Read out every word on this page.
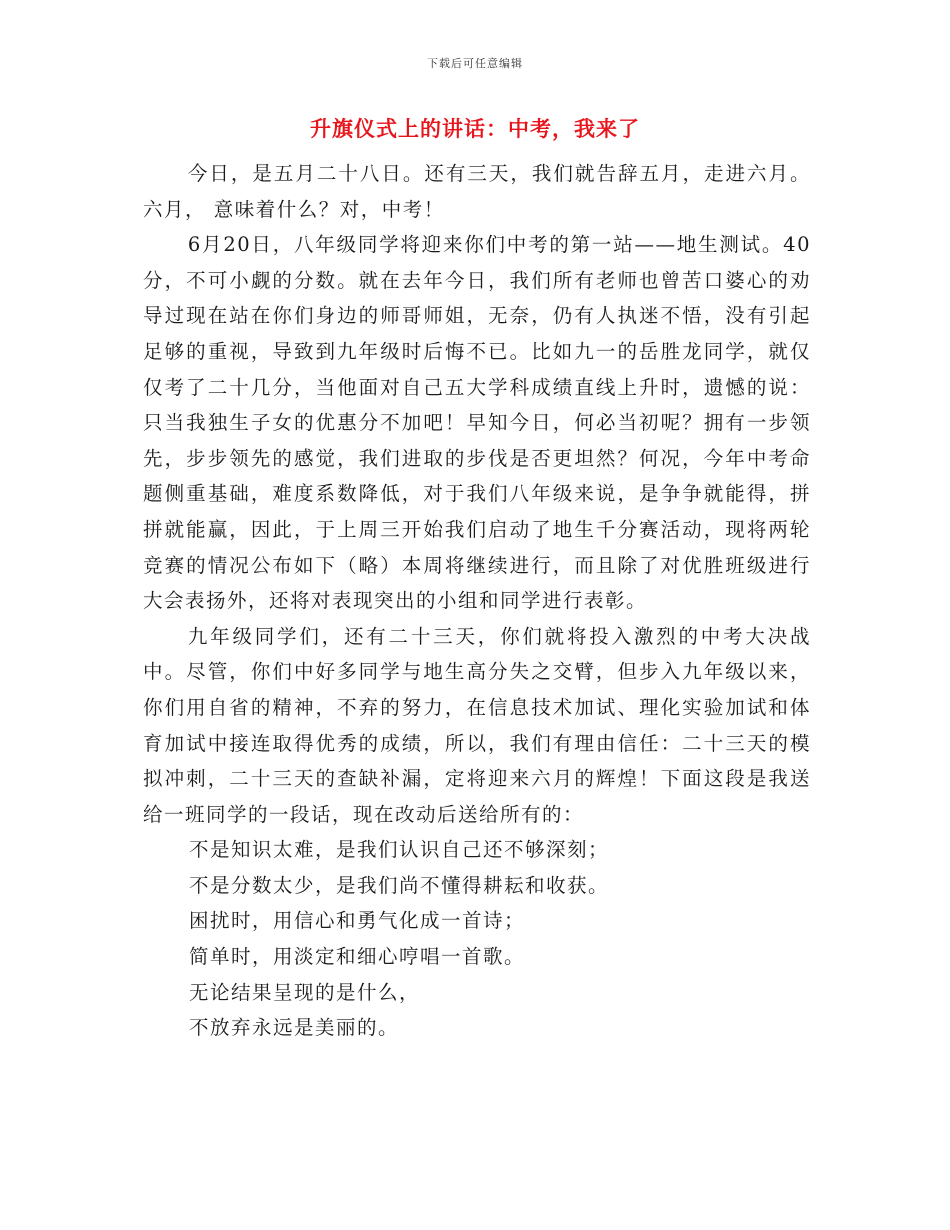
下载后可任意编辑
升旗仪式上的讲话：中考，我来了

今日，是五月二十八日。还有三天，我们就告辞五月，走进六月。六月， 意味着什么？对，中考！

6月20日，八年级同学将迎来你们中考的第一站——地生测试。40分，不可小觑的分数。就在去年今日，我们所有老师也曾苦口婆心的劝导过现在站在你们身边的师哥师姐，无奈，仍有人执迷不悟，没有引起足够的重视，导致到九年级时后悔不已。比如九一的岳胜龙同学，就仅仅考了二十几分，当他面对自己五大学科成绩直线上升时，遗憾的说：只当我独生子女的优惠分不加吧！早知今日，何必当初呢？拥有一步领先，步步领先的感觉，我们进取的步伐是否更坦然？何况，今年中考命题侧重基础，难度系数降低，对于我们八年级来说，是争争就能得，拼拼就能赢，因此，于上周三开始我们启动了地生千分赛活动，现将两轮竞赛的情况公布如下（略）本周将继续进行，而且除了对优胜班级进行大会表扬外，还将对表现突出的小组和同学进行表彰。

九年级同学们，还有二十三天，你们就将投入激烈的中考大决战中。尽管，你们中好多同学与地生高分失之交臂，但步入九年级以来，你们用自省的精神，不弃的努力，在信息技术加试、理化实验加试和体育加试中接连取得优秀的成绩，所以，我们有理由信任：二十三天的模拟冲刺，二十三天的查缺补漏，定将迎来六月的辉煌！下面这段是我送给一班同学的一段话，现在改动后送给所有的：

不是知识太难，是我们认识自己还不够深刻；
不是分数太少，是我们尚不懂得耕耘和收获。
困扰时，用信心和勇气化成一首诗；
简单时，用淡定和细心哼唱一首歌。
无论结果呈现的是什么，
不放弃永远是美丽的。
